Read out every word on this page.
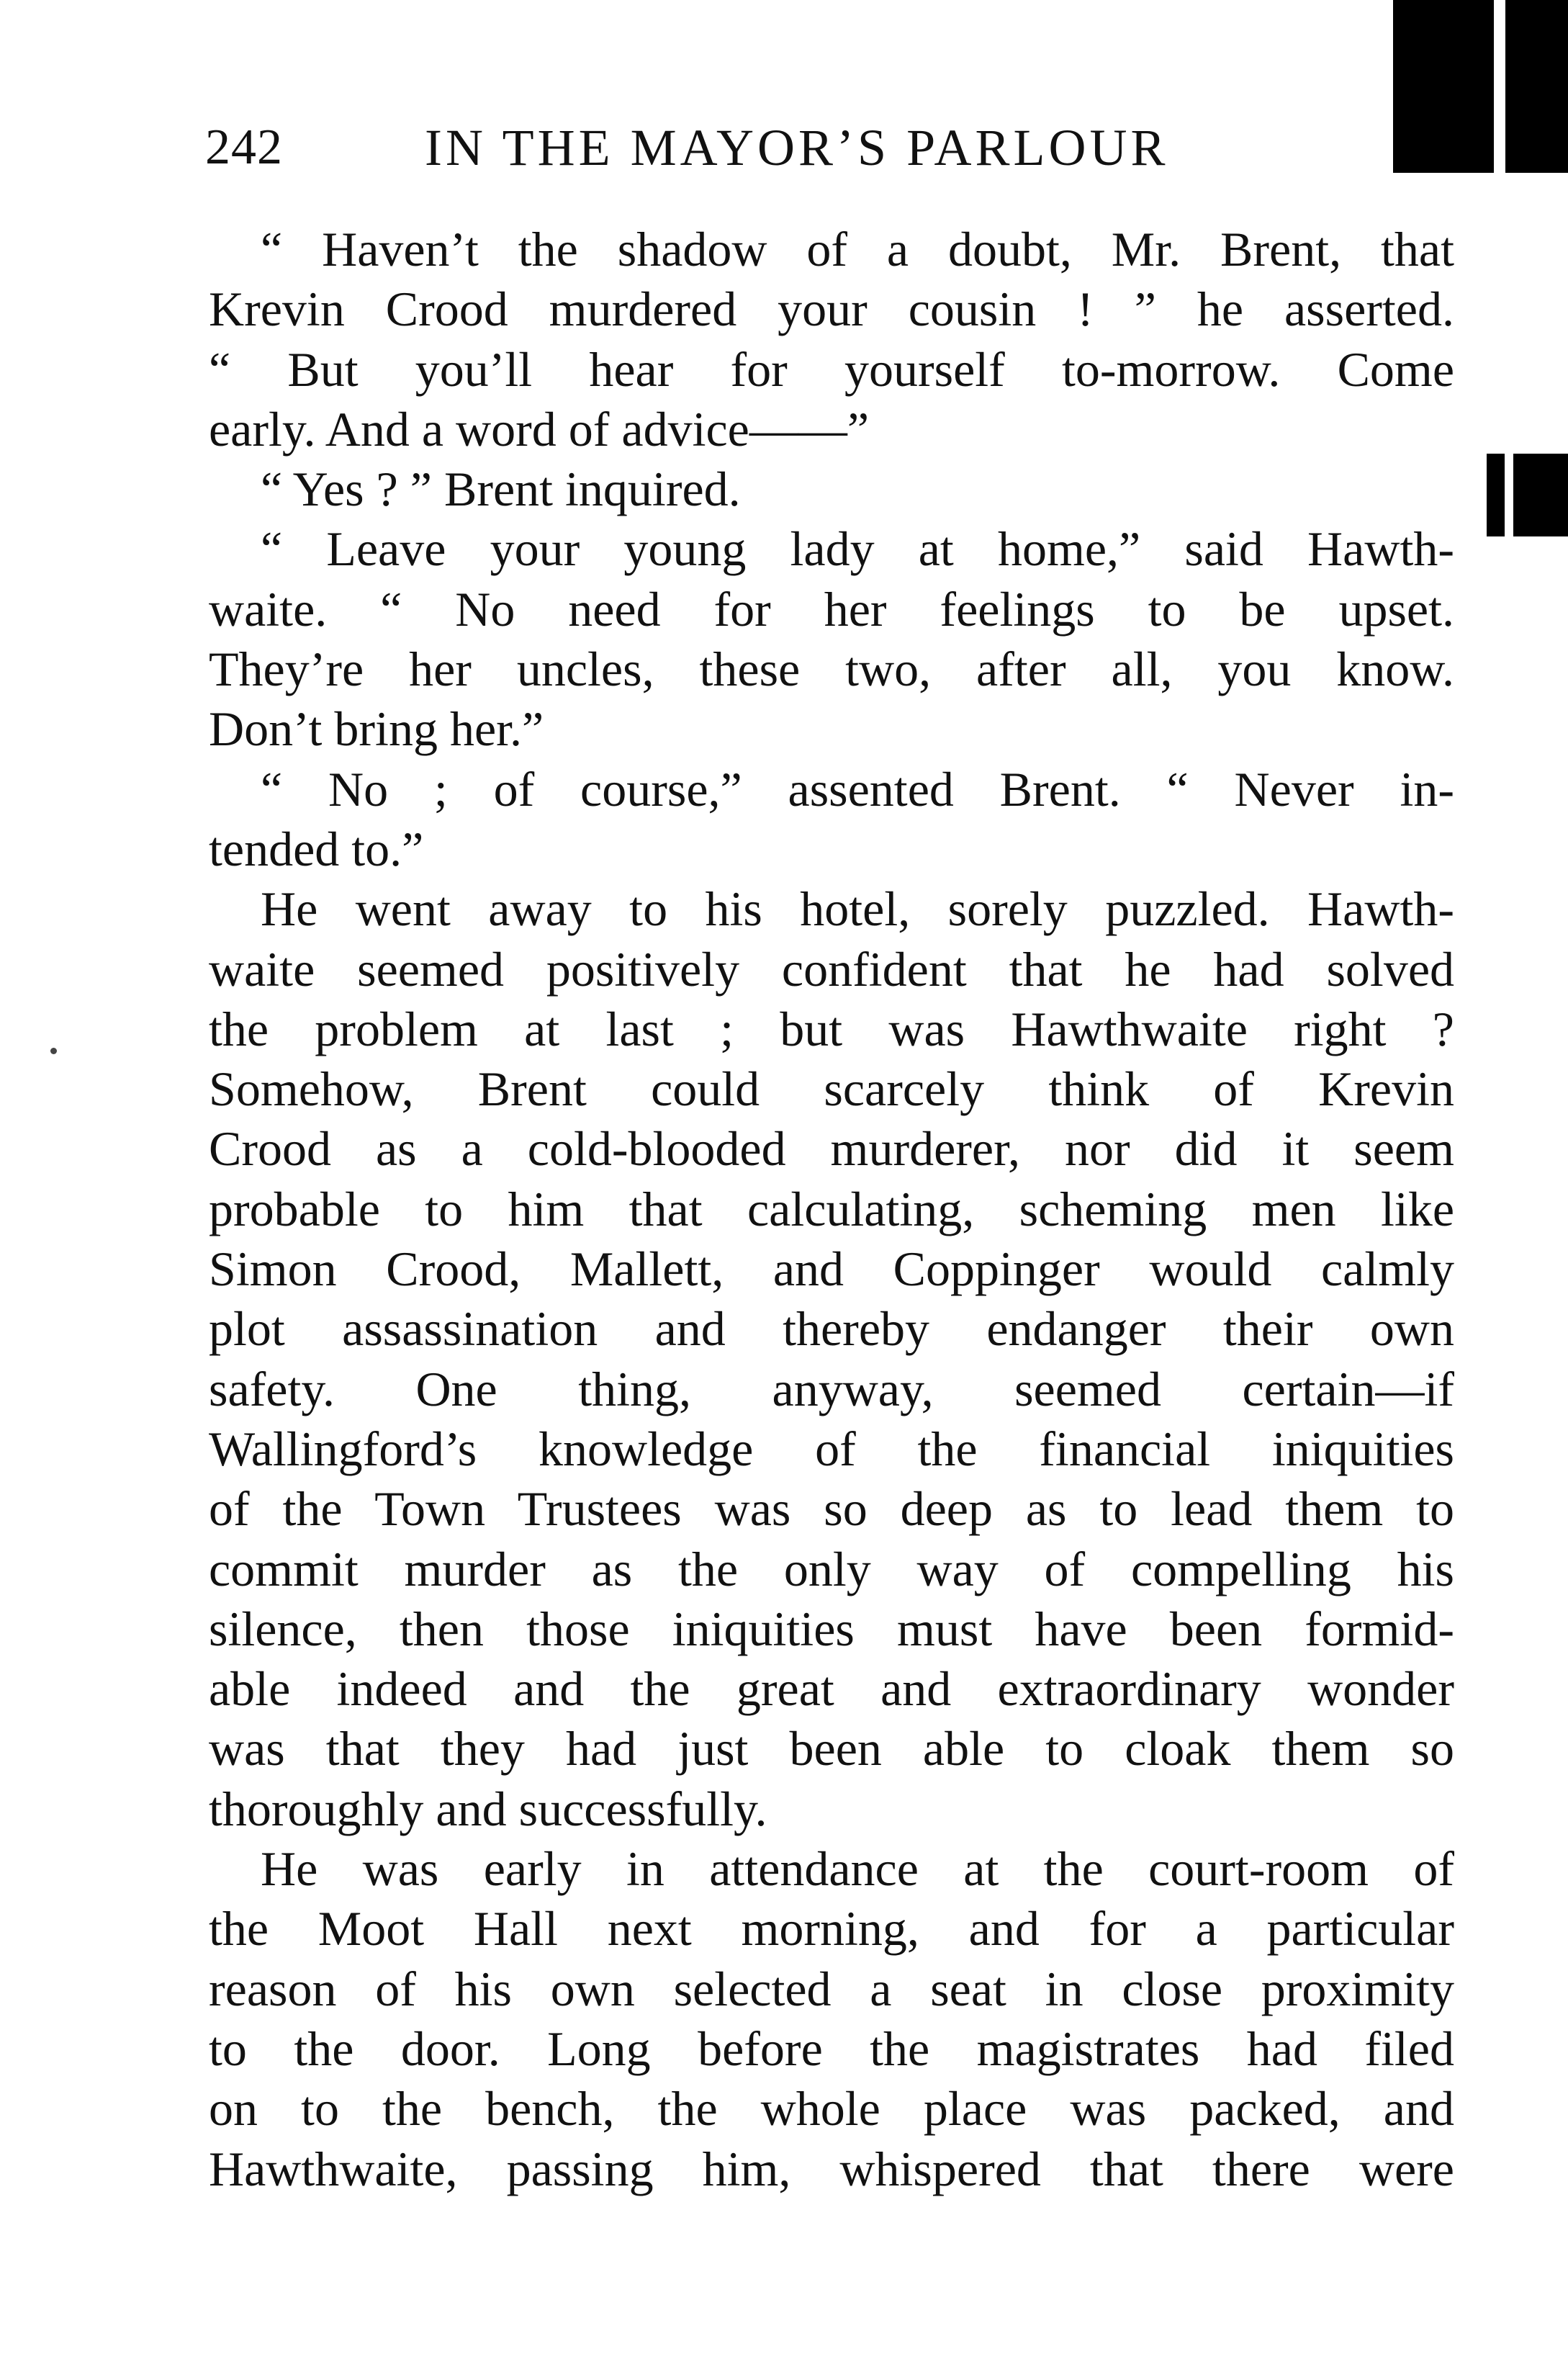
242	IN THE MAYOR’S PARLOUR
“ Haven’t the shadow of a doubt, Mr. Brent, that
Krevin Crood murdered your cousin ! ” he asserted.
“ But you’ll hear for yourself to-morrow. Come
early. And a word of advice——”
“ Yes ? ” Brent inquired.
“ Leave your young lady at home,” said Hawth-
waite. “ No need for her feelings to be upset.
They’re her uncles, these two, after all, you know.
Don’t bring her.”
“ No ; of course,” assented Brent. “ Never in-
tended to.”
He went away to his hotel, sorely puzzled. Hawth-
waite seemed positively confident that he had solved
the problem at last ; but was Hawthwaite right ?
Somehow, Brent could scarcely think of Krevin
Crood as a cold-blooded murderer, nor did it seem
probable to him that calculating, scheming men like
Simon Crood, Mallett, and Coppinger would calmly
plot assassination and thereby endanger their own
safety. One thing, anyway, seemed certain—if
Wallingford’s knowledge of the financial iniquities
of the Town Trustees was so deep as to lead them to
commit murder as the only way of compelling his
silence, then those iniquities must have been formid-
able indeed and the great and extraordinary wonder
was that they had just been able to cloak them so
thoroughly and successfully.
He was early in attendance at the court-room of
the Moot Hall next morning, and for a particular
reason of his own selected a seat in close proximity
to the door. Long before the magistrates had filed
on to the bench, the whole place was packed, and
Hawthwaite, passing him, whispered that there were
